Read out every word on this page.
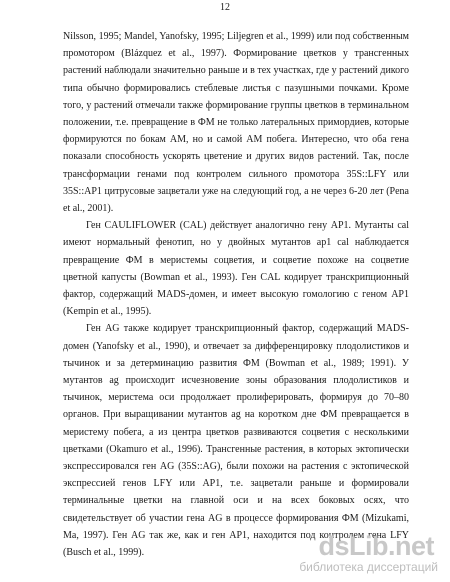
12

Nilsson, 1995; Mandel, Yanofsky, 1995; Liljegren et al., 1999) или под собственным промотором (Blázquez et al., 1997). Формирование цветков у трансгенных растений наблюдали значительно раньше и в тех участках, где у растений дикого типа обычно формировались стеблевые листья с пазушными почками. Кроме того, у растений отмечали также формирование группы цветков в терминальном положении, т.е. превращение в ФМ не только латеральных примордиев, которые формируются по бокам АМ, но и самой АМ побега. Интересно, что оба гена показали способность ускорять цветение и других видов растений. Так, после трансформации генами под контролем сильного промотора 35S::LFY или 35S::AP1 цитрусовые зацветали уже на следующий год, а не через 6-20 лет (Pena et al., 2001).

Ген CAULIFLOWER (CAL) действует аналогично гену AP1. Мутанты cal имеют нормальный фенотип, но у двойных мутантов ap1 cal наблюдается превращение ФМ в меристемы соцветия, и соцветие похоже на соцветие цветной капусты (Bowman et al., 1993). Ген CAL кодирует транскрипционный фактор, содержащий MADS-домен, и имеет высокую гомологию с геном AP1 (Kempin et al., 1995).

Ген AG также кодирует транскрипционный фактор, содержащий MADS-домен (Yanofsky et al., 1990), и отвечает за дифференцировку плодолистиков и тычинок и за детерминацию развития ФМ (Bowman et al., 1989; 1991). У мутантов ag происходит исчезновение зоны образования плодолистиков и тычинок, меристема оси продолжает пролиферировать, формируя до 70–80 органов. При выращивании мутантов ag на коротком дне ФМ превращается в меристему побега, а из центра цветков развиваются соцветия с несколькими цветками (Okamuro et al., 1996). Трансгенные растения, в которых эктопически экспрессировался ген AG (35S::AG), были похожи на растения с эктопической экспрессией генов LFY или AP1, т.е. зацветали раньше и формировали терминальные цветки на главной оси и на всех боковых осях, что свидетельствует об участии гена AG в процессе формирования ФМ (Mizukami, Ma, 1997). Ген AG так же, как и ген AP1, находится под контролем гена LFY (Busch et al., 1999).	dsLib.net
библиотека диссертаций
